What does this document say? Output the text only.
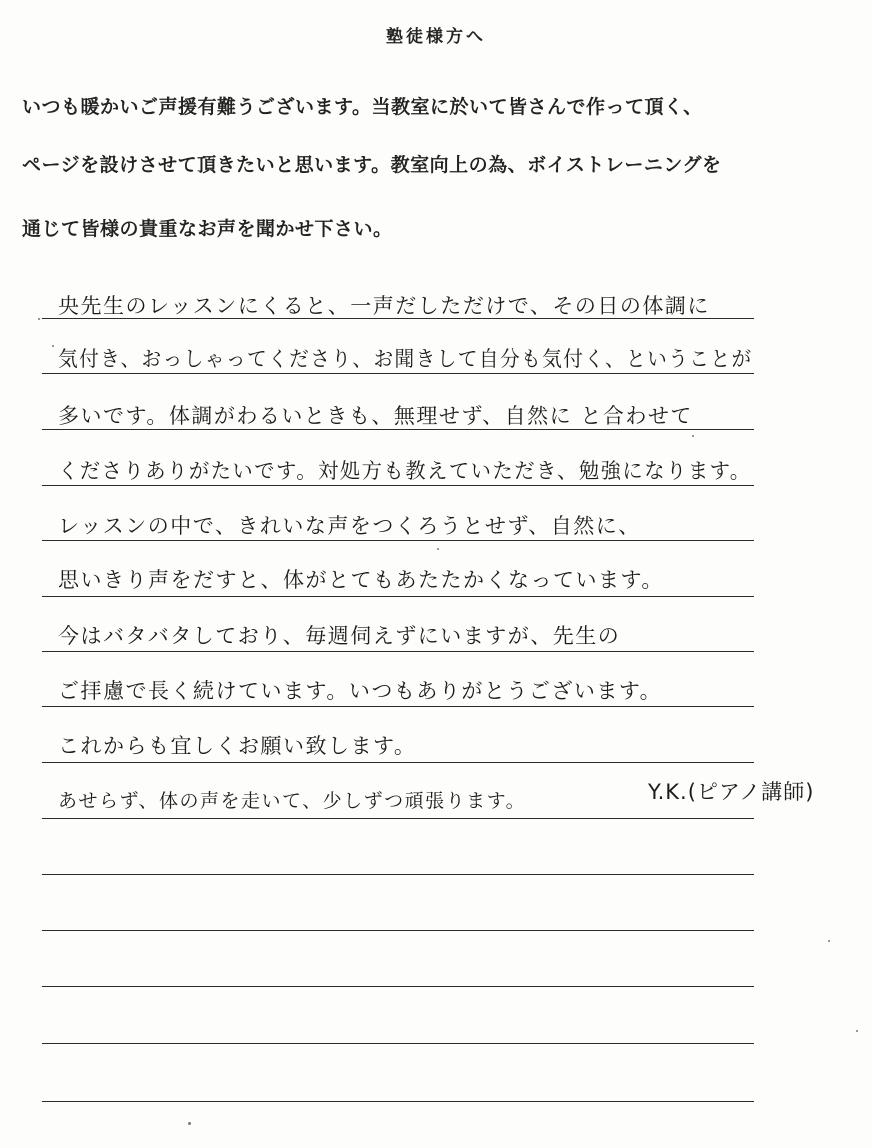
塾徒様方へ
いつも暖かいご声援有難うございます。当教室に於いて皆さんで作って頂く、
ページを設けさせて頂きたいと思います。教室向上の為、ボイストレーニングを
通じて皆様の貴重なお声を聞かせ下さい。
央先生のレッスンにくると、一声だしただけで、その日の体調に
気付き、おっしゃってくださり、お聞きして自分も気付く、ということが
多いです。体調がわるいときも、無理せず、自然に と合わせて
くださりありがたいです。対処方も教えていただき、勉強になります。
レッスンの中で、きれいな声をつくろうとせず、自然に、
思いきり声をだすと、体がとてもあたたかくなっています。
今はバタバタしており、毎週伺えずにいますが、先生の
ご拝慮で長く続けています。いつもありがとうございます。
これからも宜しくお願い致します。
あせらず、体の声を走いて、少しずつ頑張ります。	Y.K.(ピアノ講師)
